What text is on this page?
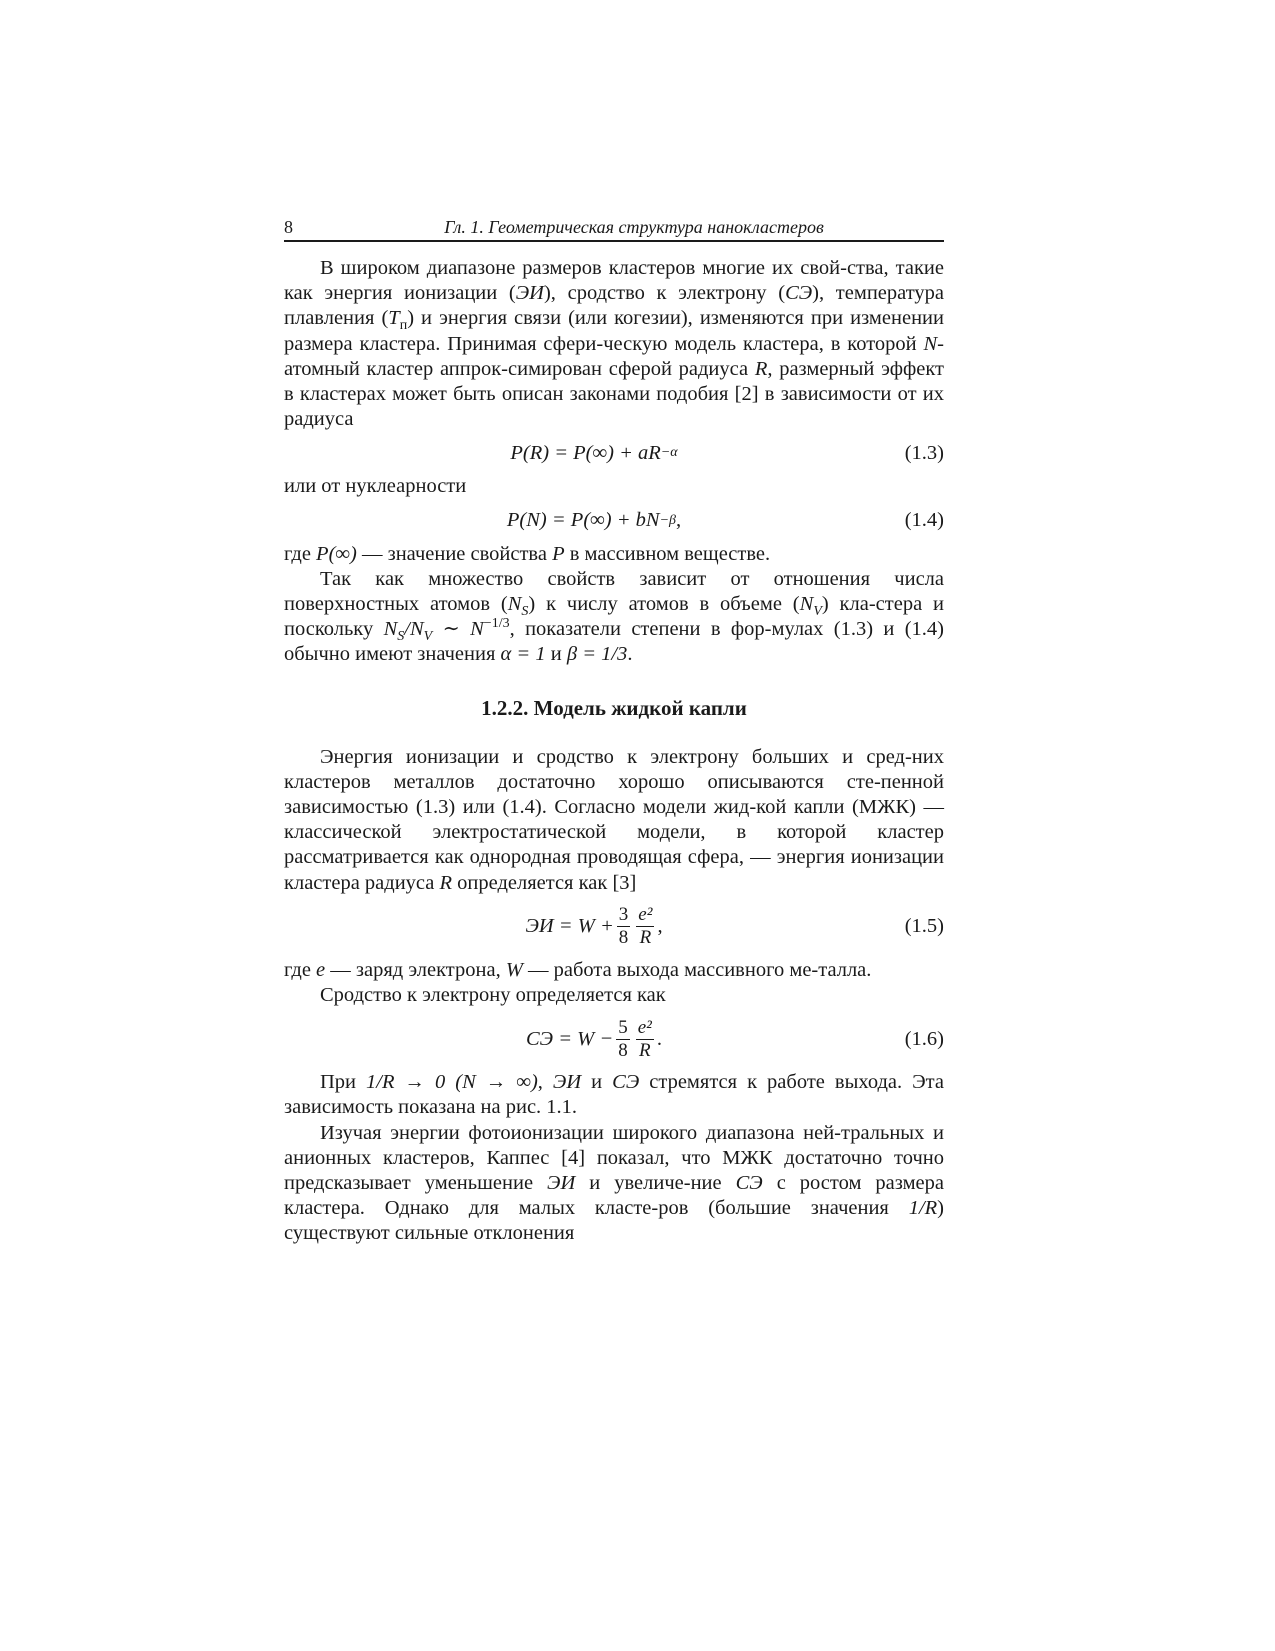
8	Гл. 1. Геометрическая структура нанокластеров

В широком диапазоне размеров кластеров многие их свой-ства, такие как энергия ионизации (ЭИ), сродство к электрону (СЭ), температура плавления $(T_п)$ и энергия связи (или когезии), изменяются при изменении размера кластера. Принимая сфери-ческую модель кластера, в которой N-атомный кластер аппрок-симирован сферой радиуса R, размерный эффект в кластерах может быть описан законами подобия [2] в зависимости от их радиуса

P(R) = P(∞) + aR −α	(1.3)

или от нуклеарности

P(N) = P(∞) + bN −β ,	(1.4)

где P(∞) — значение свойства P в массивном веществе.

Так как множество свойств зависит от отношения числа поверхностных атомов $(N_S)$ к числу атомов в объеме $(N_V)$ кла-стера и поскольку $N_S/N_V$ ∼ $N^{-1/3}$, показатели степени в фор-мулах (1.3) и (1.4) обычно имеют значения α = 1 и β = 1/3.

1.2.2. Модель жидкой капли

Энергия ионизации и сродство к электрону больших и сред-них кластеров металлов достаточно хорошо описываются сте-пенной зависимостью (1.3) или (1.4). Согласно модели жид-кой капли (МЖК) — классической электростатической модели, в которой кластер рассматривается как однородная проводящая сфера, — энергия ионизации кластера радиуса R определяется как [3]

ЭИ = $W + \frac{3}{8} \frac{\text{e²}}{R}$ ,	(1.5)

где e — заряд электрона, W — работа выхода массивного ме-талла.

Сродство к электрону определяется как

СЭ = $W - \frac{5}{8} \frac{\text{e²}}{R}$ .	(1.6)

При 1/R → 0 (N → ∞), ЭИ и СЭ стремятся к работе выхода. Эта зависимость показана на рис. 1.1.

Изучая энергии фотоионизации широкого диапазона ней-тральных и анионных кластеров, Каппес [4] показал, что МЖК достаточно точно предсказывает уменьшение ЭИ и увеличе-ние СЭ с ростом размера кластера. Однако для малых класте-ров (большие значения 1/R) существуют сильные отклонения
